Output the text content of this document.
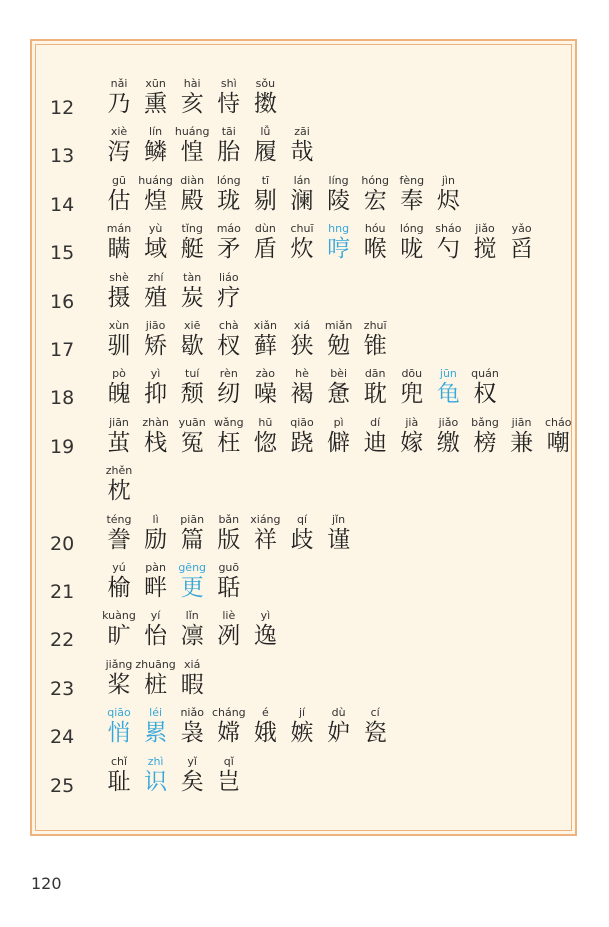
12
nǎi
乃
xūn
熏
hài
亥
shì
恃
sǒu
擞
13
xiè
泻
lín
鳞
huáng
惶
tāi
胎
lǚ
履
zāi
哉
14
gū
估
huáng
煌
diàn
殿
lóng
珑
tī
剔
lán
澜
líng
陵
hóng
宏
fèng
奉
jìn
烬
15
mán
瞒
yù
域
tǐng
艇
máo
矛
dùn
盾
chuī
炊
hng
哼
hóu
喉
lóng
咙
sháo
勺
jiǎo
搅
yǎo
舀
16
shè
摄
zhí
殖
tàn
炭
liáo
疗
17
xùn
驯
jiāo
矫
xiē
歇
chà
杈
xiǎn
藓
xiá
狭
miǎn
勉
zhuī
锥
18
pò
魄
yì
抑
tuí
颓
rèn
纫
zào
噪
hè
褐
bèi
惫
dān
耽
dōu
兜
jūn
龟
quán
权
19
jiān
茧
zhàn
栈
yuān
冤
wǎng
枉
hū
惚
qiāo
跷
pì
僻
dí
迪
jià
嫁
jiǎo
缴
bǎng
榜
jiān
兼
cháo
嘲
zhěn
枕
20
téng
誊
lì
励
piān
篇
bǎn
版
xiáng
祥
qí
歧
jǐn
谨
21
yú
榆
pàn
畔
gēng
更
guō
聒
22
kuàng
旷
yí
怡
lǐn
凛
liè
冽
yì
逸
23
jiǎng
桨
zhuāng
桩
xiá
暇
24
qiāo
悄
léi
累
niǎo
袅
cháng
嫦
é
娥
jí
嫉
dù
妒
cí
瓷
25
chǐ
耻
zhì
识
yǐ
矣
qǐ
岂
120
